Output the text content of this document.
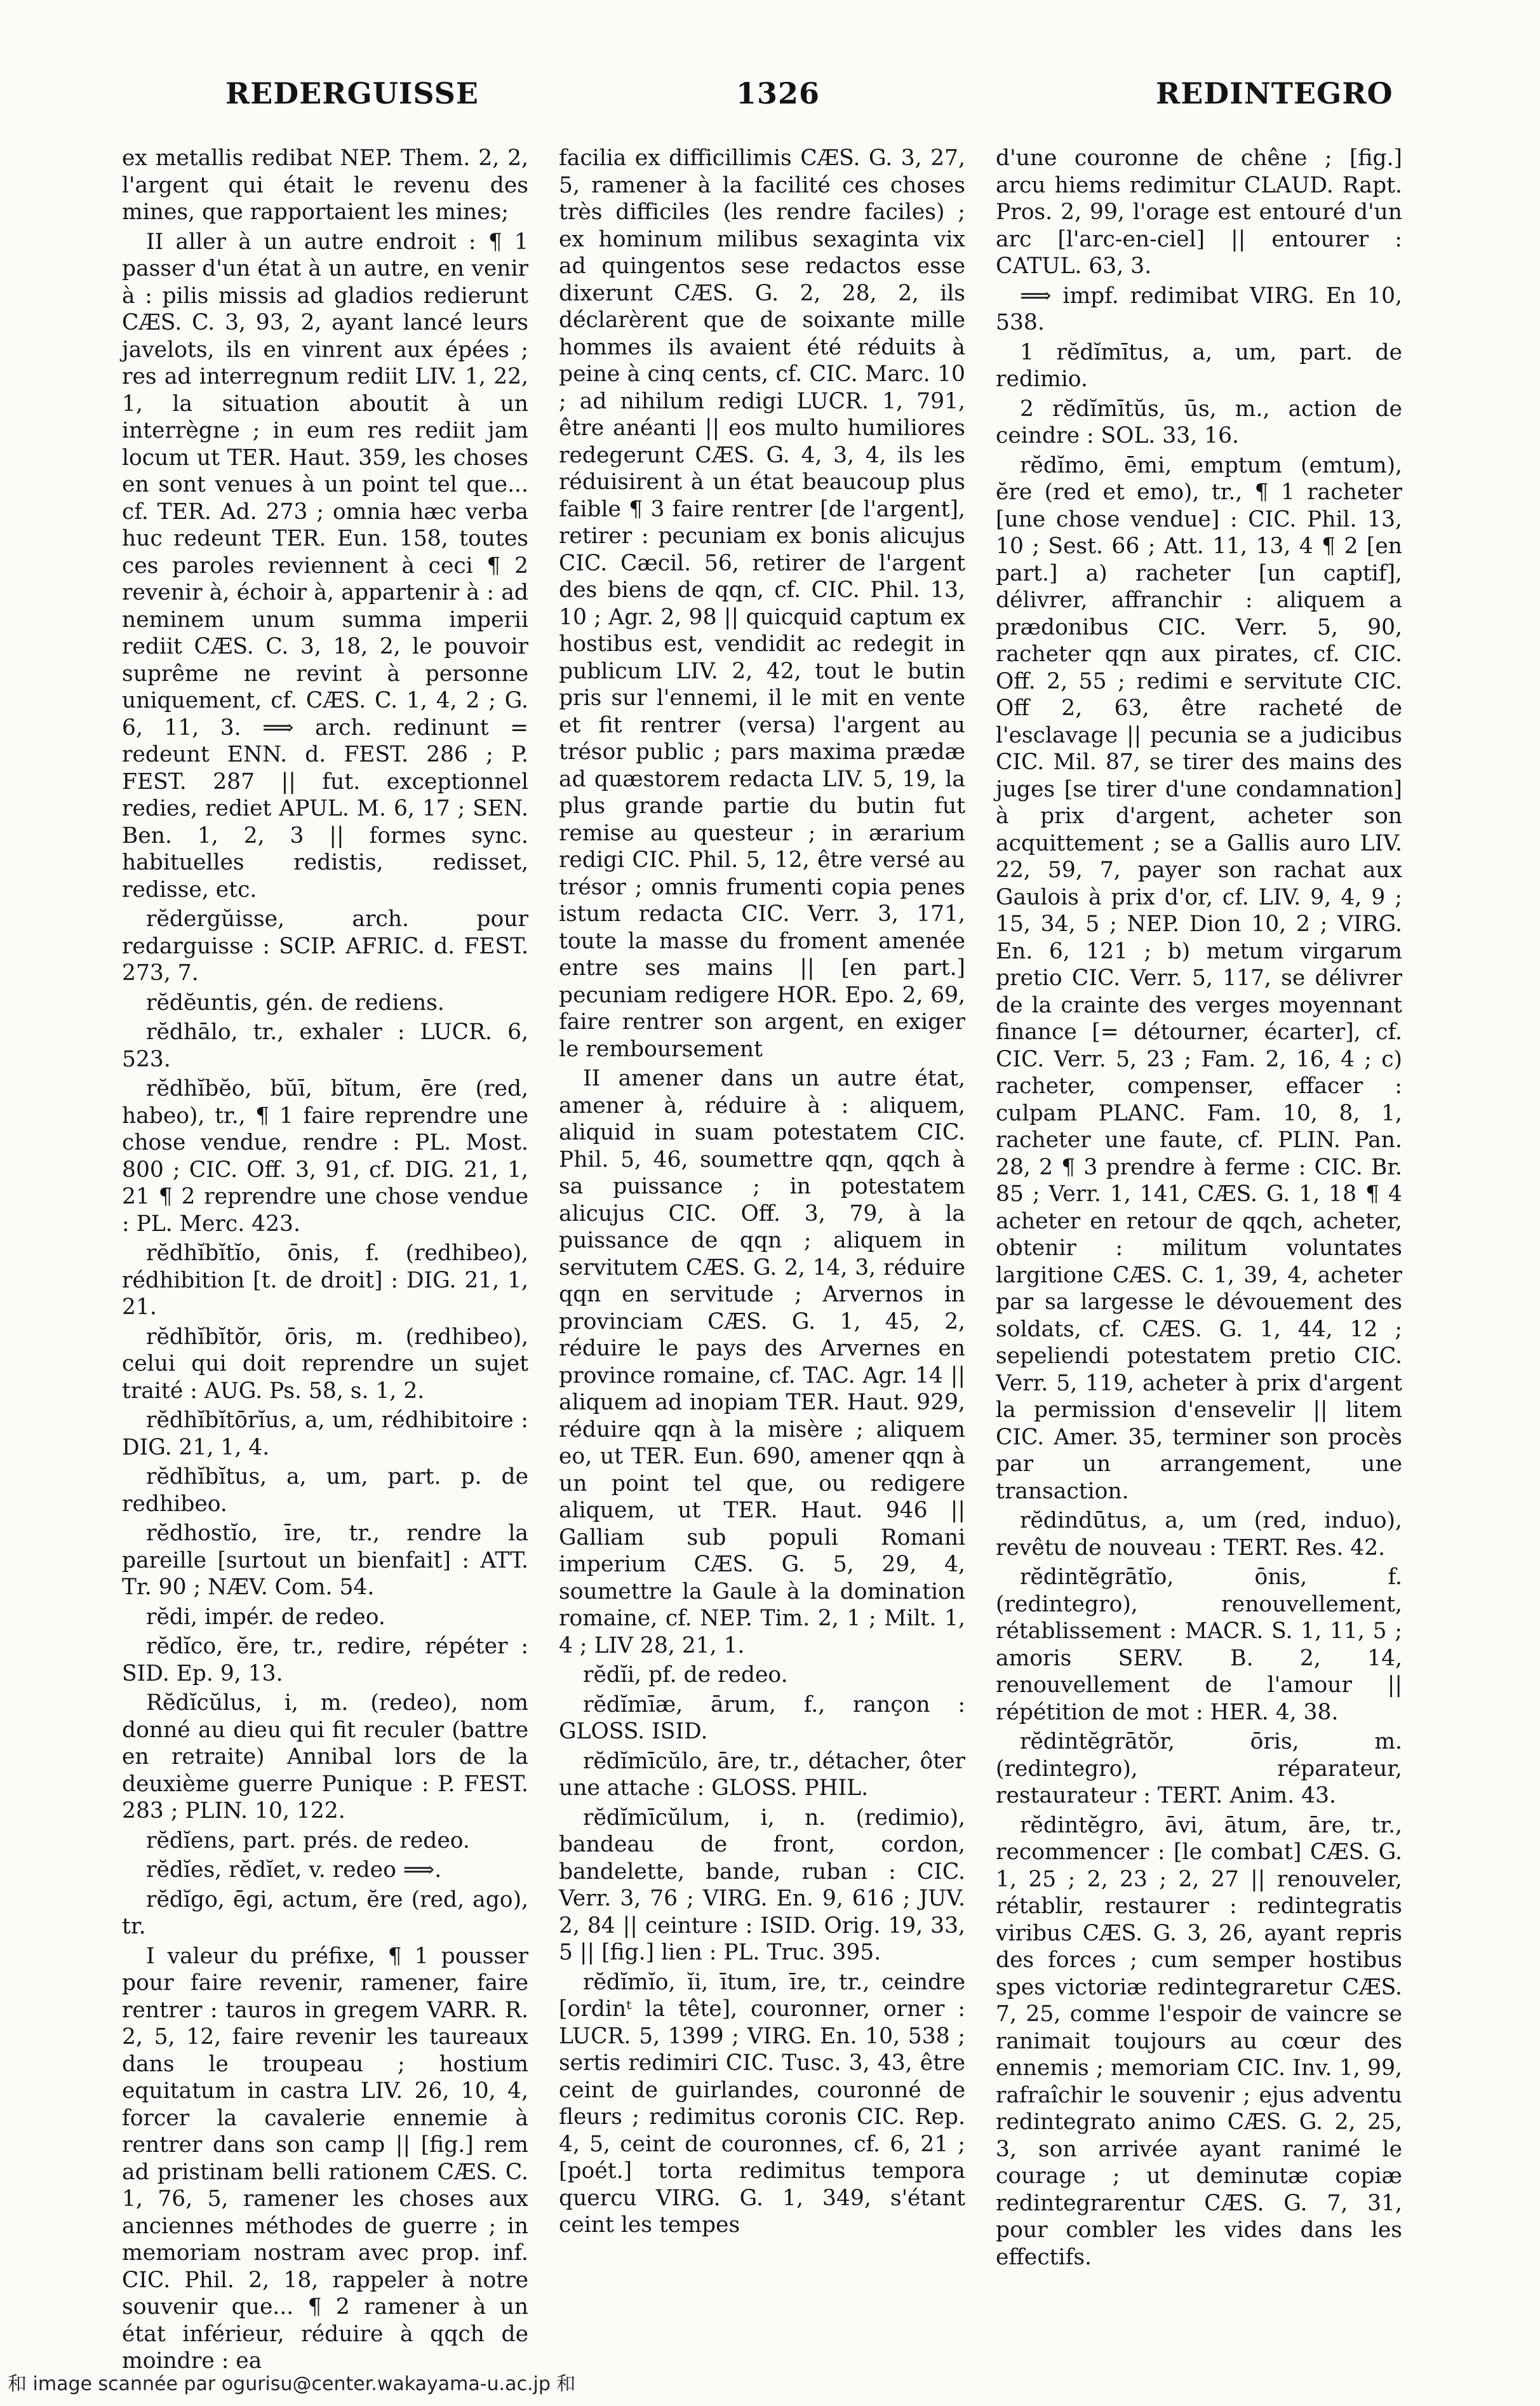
REDERGUISSE	1326	REDINTEGRO

ex metallis redibat NEP. Them. 2, 2, l'argent qui était le revenu des mines, que rapportaient les mines;

II aller à un autre endroit : ¶ 1 passer d'un état à un autre, en venir à : pilis missis ad gladios redierunt CÆS. C. 3, 93, 2, ayant lancé leurs javelots, ils en vinrent aux épées ; res ad interregnum rediit LIV. 1, 22, 1, la situation aboutit à un interrègne ; in eum res rediit jam locum ut TER. Haut. 359, les choses en sont venues à un point tel que... cf. TER. Ad. 273 ; omnia hæc verba huc redeunt TER. Eun. 158, toutes ces paroles reviennent à ceci ¶ 2 revenir à, échoir à, appartenir à : ad neminem unum summa imperii rediit CÆS. C. 3, 18, 2, le pouvoir suprême ne revint à personne uniquement, cf. CÆS. C. 1, 4, 2 ; G. 6, 11, 3. ⟹ arch. redinunt = redeunt ENN. d. FEST. 286 ; P. FEST. 287 || fut. exceptionnel redies, rediet APUL. M. 6, 17 ; SEN. Ben. 1, 2, 3 || formes sync. habituelles redistis, redisset, redisse, etc.

rĕdergŭisse, arch. pour redarguisse : SCIP. AFRIC. d. FEST. 273, 7.

rĕdĕuntis, gén. de rediens.

rĕdhālo, tr., exhaler : LUCR. 6, 523.

rĕdhĭbĕo, bŭī, bĭtum, ēre (red, habeo), tr., ¶ 1 faire reprendre une chose vendue, rendre : PL. Most. 800 ; CIC. Off. 3, 91, cf. DIG. 21, 1, 21 ¶ 2 reprendre une chose vendue : PL. Merc. 423.

rĕdhĭbĭtĭo, ōnis, f. (redhibeo), rédhibition [t. de droit] : DIG. 21, 1, 21.

rĕdhĭbĭtŏr, ōris, m. (redhibeo), celui qui doit reprendre un sujet traité : AUG. Ps. 58, s. 1, 2.

rĕdhĭbĭtōrĭus, a, um, rédhibitoire : DIG. 21, 1, 4.

rĕdhĭbĭtus, a, um, part. p. de redhibeo.

rĕdhostĭo, īre, tr., rendre la pareille [surtout un bienfait] : ATT. Tr. 90 ; NÆV. Com. 54.

rĕdi, impér. de redeo.

rĕdĭco, ĕre, tr., redire, répéter : SID. Ep. 9, 13.

Rĕdĭcŭlus, i, m. (redeo), nom donné au dieu qui fit reculer (battre en retraite) Annibal lors de la deuxième guerre Punique : P. FEST. 283 ; PLIN. 10, 122.

rĕdĭens, part. prés. de redeo.

rĕdĭes, rĕdĭet, v. redeo ⟹.

rĕdĭgo, ēgi, actum, ĕre (red, ago), tr.

I valeur du préfixe, ¶ 1 pousser pour faire revenir, ramener, faire rentrer : tauros in gregem VARR. R. 2, 5, 12, faire revenir les taureaux dans le troupeau ; hostium equitatum in castra LIV. 26, 10, 4, forcer la cavalerie ennemie à rentrer dans son camp || [fig.] rem ad pristinam belli rationem CÆS. C. 1, 76, 5, ramener les choses aux anciennes méthodes de guerre ; in memoriam nostram avec prop. inf. CIC. Phil. 2, 18, rappeler à notre souvenir que... ¶ 2 ramener à un état inférieur, réduire à qqch de moindre : ea

facilia ex difficillimis CÆS. G. 3, 27, 5, ramener à la facilité ces choses très difficiles (les rendre faciles) ; ex hominum milibus sexaginta vix ad quingentos sese redactos esse dixerunt CÆS. G. 2, 28, 2, ils déclarèrent que de soixante mille hommes ils avaient été réduits à peine à cinq cents, cf. CIC. Marc. 10 ; ad nihilum redigi LUCR. 1, 791, être anéanti || eos multo humiliores redegerunt CÆS. G. 4, 3, 4, ils les réduisirent à un état beaucoup plus faible ¶ 3 faire rentrer [de l'argent], retirer : pecuniam ex bonis alicujus CIC. Cæcil. 56, retirer de l'argent des biens de qqn, cf. CIC. Phil. 13, 10 ; Agr. 2, 98 || quicquid captum ex hostibus est, vendidit ac redegit in publicum LIV. 2, 42, tout le butin pris sur l'ennemi, il le mit en vente et fit rentrer (versa) l'argent au trésor public ; pars maxima prædæ ad quæstorem redacta LIV. 5, 19, la plus grande partie du butin fut remise au questeur ; in ærarium redigi CIC. Phil. 5, 12, être versé au trésor ; omnis frumenti copia penes istum redacta CIC. Verr. 3, 171, toute la masse du froment amenée entre ses mains || [en part.] pecuniam redigere HOR. Epo. 2, 69, faire rentrer son argent, en exiger le remboursement

II amener dans un autre état, amener à, réduire à : aliquem, aliquid in suam potestatem CIC. Phil. 5, 46, soumettre qqn, qqch à sa puissance ; in potestatem alicujus CIC. Off. 3, 79, à la puissance de qqn ; aliquem in servitutem CÆS. G. 2, 14, 3, réduire qqn en servitude ; Arvernos in provinciam CÆS. G. 1, 45, 2, réduire le pays des Arvernes en province romaine, cf. TAC. Agr. 14 || aliquem ad inopiam TER. Haut. 929, réduire qqn à la misère ; aliquem eo, ut TER. Eun. 690, amener qqn à un point tel que, ou redigere aliquem, ut TER. Haut. 946 || Galliam sub populi Romani imperium CÆS. G. 5, 29, 4, soumettre la Gaule à la domination romaine, cf. NEP. Tim. 2, 1 ; Milt. 1, 4 ; LIV 28, 21, 1.

rĕdĭi, pf. de redeo.

rĕdĭmīæ, ārum, f., rançon : GLOSS. ISID.

rĕdĭmīcŭlo, āre, tr., détacher, ôter une attache : GLOSS. PHIL.

rĕdĭmīcŭlum, i, n. (redimio), bandeau de front, cordon, bandelette, bande, ruban : CIC. Verr. 3, 76 ; VIRG. En. 9, 616 ; JUV. 2, 84 || ceinture : ISID. Orig. 19, 33, 5 || [fig.] lien : PL. Truc. 395.

rĕdĭmĭo, ĭi, ītum, īre, tr., ceindre [ordinᵗ la tête], couronner, orner : LUCR. 5, 1399 ; VIRG. En. 10, 538 ; sertis redimiri CIC. Tusc. 3, 43, être ceint de guirlandes, couronné de fleurs ; redimitus coronis CIC. Rep. 4, 5, ceint de couronnes, cf. 6, 21 ; [poét.] torta redimitus tempora quercu VIRG. G. 1, 349, s'étant ceint les tempes

d'une couronne de chêne ; [fig.] arcu hiems redimitur CLAUD. Rapt. Pros. 2, 99, l'orage est entouré d'un arc [l'arc-en-ciel] || entourer : CATUL. 63, 3.

⟹ impf. redimibat VIRG. En 10, 538.

1 rĕdĭmītus, a, um, part. de redimio.

2 rĕdĭmītŭs, ūs, m., action de ceindre : SOL. 33, 16.

rĕdĭmo, ēmi, emptum (emtum), ĕre (red et emo), tr., ¶ 1 racheter [une chose vendue] : CIC. Phil. 13, 10 ; Sest. 66 ; Att. 11, 13, 4 ¶ 2 [en part.] a) racheter [un captif], délivrer, affranchir : aliquem a prædonibus CIC. Verr. 5, 90, racheter qqn aux pirates, cf. CIC. Off. 2, 55 ; redimi e servitute CIC. Off 2, 63, être racheté de l'esclavage || pecunia se a judicibus CIC. Mil. 87, se tirer des mains des juges [se tirer d'une condamnation] à prix d'argent, acheter son acquittement ; se a Gallis auro LIV. 22, 59, 7, payer son rachat aux Gaulois à prix d'or, cf. LIV. 9, 4, 9 ; 15, 34, 5 ; NEP. Dion 10, 2 ; VIRG. En. 6, 121 ; b) metum virgarum pretio CIC. Verr. 5, 117, se délivrer de la crainte des verges moyennant finance [= détourner, écarter], cf. CIC. Verr. 5, 23 ; Fam. 2, 16, 4 ; c) racheter, compenser, effacer : culpam PLANC. Fam. 10, 8, 1, racheter une faute, cf. PLIN. Pan. 28, 2 ¶ 3 prendre à ferme : CIC. Br. 85 ; Verr. 1, 141, CÆS. G. 1, 18 ¶ 4 acheter en retour de qqch, acheter, obtenir : militum voluntates largitione CÆS. C. 1, 39, 4, acheter par sa largesse le dévouement des soldats, cf. CÆS. G. 1, 44, 12 ; sepeliendi potestatem pretio CIC. Verr. 5, 119, acheter à prix d'argent la permission d'ensevelir || litem CIC. Amer. 35, terminer son procès par un arrangement, une transaction.

rĕdindūtus, a, um (red, induo), revêtu de nouveau : TERT. Res. 42.

rĕdintĕgrātĭo, ōnis, f. (redintegro), renouvellement, rétablissement : MACR. S. 1, 11, 5 ; amoris SERV. B. 2, 14, renouvellement de l'amour || répétition de mot : HER. 4, 38.

rĕdintĕgrātŏr, ōris, m. (redintegro), réparateur, restaurateur : TERT. Anim. 43.

rĕdintĕgro, āvi, ātum, āre, tr., recommencer : [le combat] CÆS. G. 1, 25 ; 2, 23 ; 2, 27 || renouveler, rétablir, restaurer : redintegratis viribus CÆS. G. 3, 26, ayant repris des forces ; cum semper hostibus spes victoriæ redintegraretur CÆS. 7, 25, comme l'espoir de vaincre se ranimait toujours au cœur des ennemis ; memoriam CIC. Inv. 1, 99, rafraîchir le souvenir ; ejus adventu redintegrato animo CÆS. G. 2, 25, 3, son arrivée ayant ranimé le courage ; ut deminutæ copiæ redintegrarentur CÆS. G. 7, 31, pour combler les vides dans les effectifs.

和 image scannée par ogurisu@center.wakayama-u.ac.jp 和
